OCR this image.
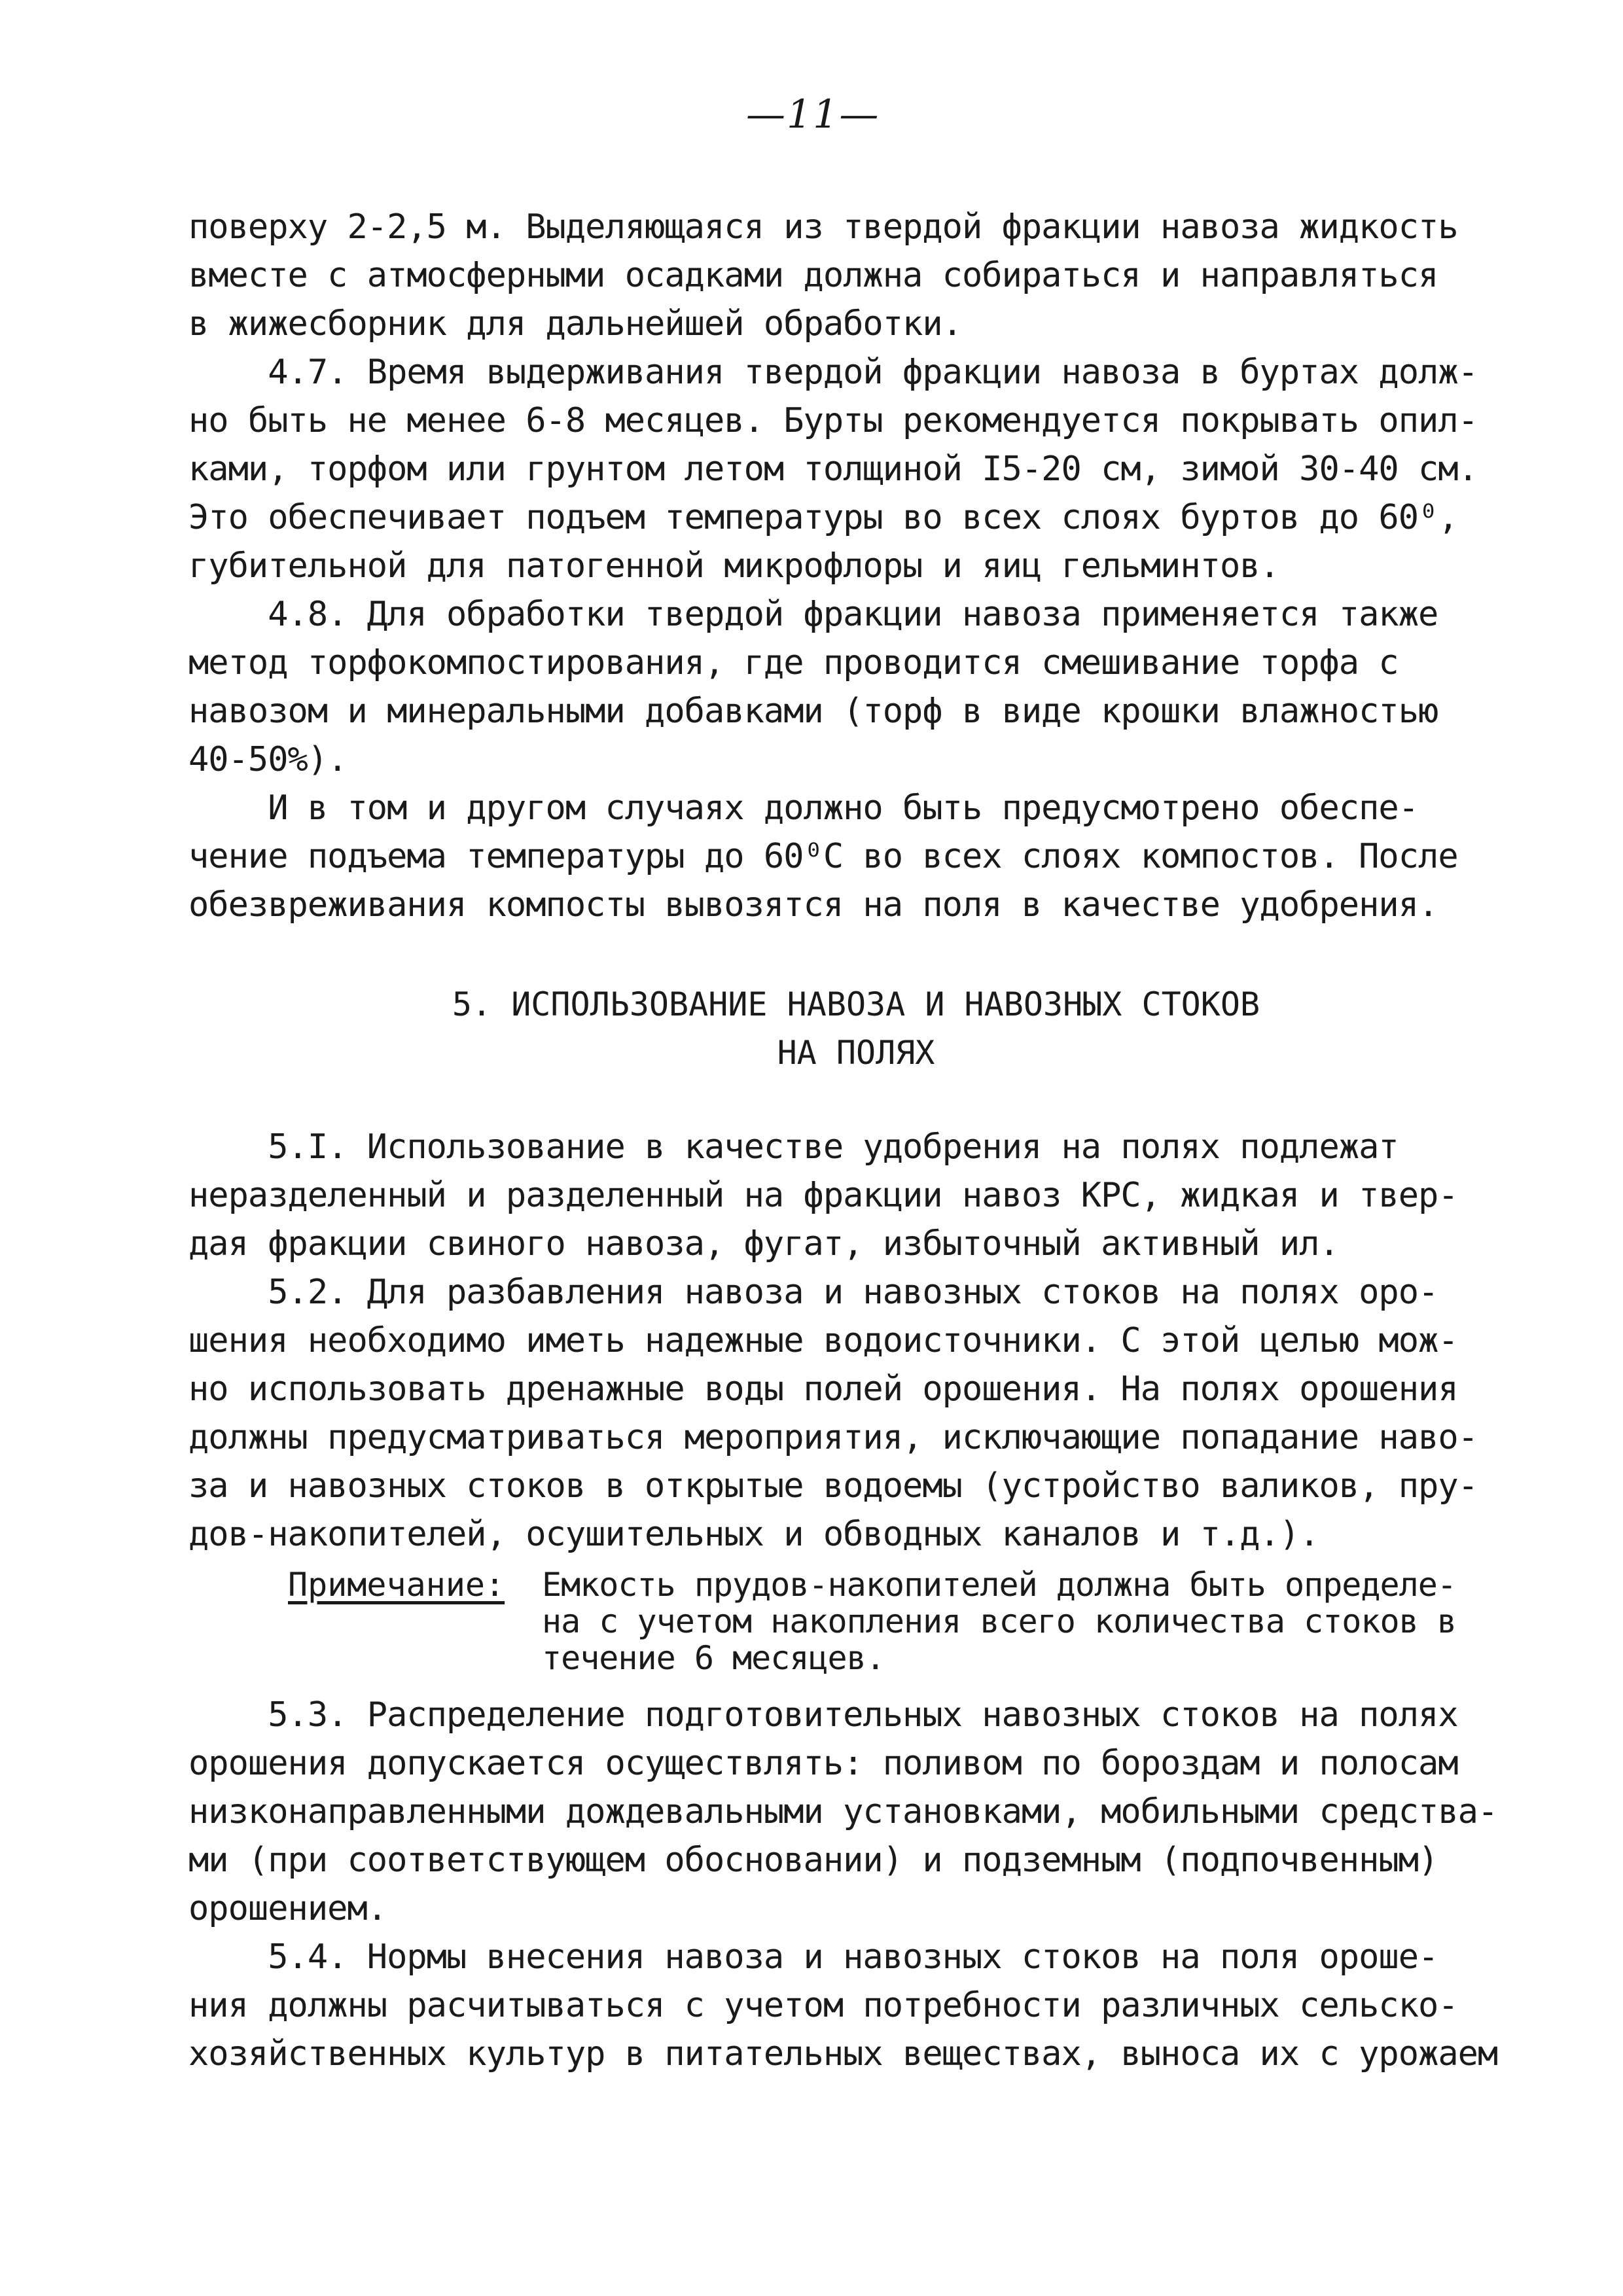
—11—
поверху 2-2,5 м. Выделяющаяся из твердой фракции навоза жидкость
вместе с атмосферными осадками должна собираться и направляться
в жижесборник для дальнейшей обработки.
4.7. Время выдерживания твердой фракции навоза в буртах долж-
но быть не менее 6-8 месяцев. Бурты рекомендуется покрывать опил-
ками, торфом или грунтом летом толщиной I5-20 см, зимой 30-40 см.
Это обеспечивает подъем температуры во всех слоях буртов до 60⁰,
губительной для патогенной микрофлоры и яиц гельминтов.
4.8. Для обработки твердой фракции навоза применяется также
метод торфокомпостирования, где проводится смешивание торфа с
навозом и минеральными добавками (торф в виде крошки влажностью
40-50%).
И в том и другом случаях должно быть предусмотрено обеспе-
чение подъема температуры до 60⁰С во всех слоях компостов. После
обезвреживания компосты вывозятся на поля в качестве удобрения.
5. ИСПОЛЬЗОВАНИЕ НАВОЗА И НАВОЗНЫХ СТОКОВ
НА ПОЛЯХ
5.I. Использование в качестве удобрения на полях подлежат
неразделенный и разделенный на фракции навоз КРС, жидкая и твер-
дая фракции свиного навоза, фугат, избыточный активный ил.
5.2. Для разбавления навоза и навозных стоков на полях оро-
шения необходимо иметь надежные водоисточники. С этой целью мож-
но использовать дренажные воды полей орошения. На полях орошения
должны предусматриваться мероприятия, исключающие попадание наво-
за и навозных стоков в открытые водоемы (устройство валиков, пру-
дов-накопителей, осушительных и обводных каналов и т.д.).
Примечание: Емкость прудов-накопителей должна быть определе-
на с учетом накопления всего количества стоков в
течение 6 месяцев.
5.3. Распределение подготовительных навозных стоков на полях
орошения допускается осуществлять: поливом по бороздам и полосам
низконаправленными дождевальными установками, мобильными средства-
ми (при соответствующем обосновании) и подземным (подпочвенным)
орошением.
5.4. Нормы внесения навоза и навозных стоков на поля ороше-
ния должны расчитываться с учетом потребности различных сельско-
хозяйственных культур в питательных веществах, выноса их с урожаем
